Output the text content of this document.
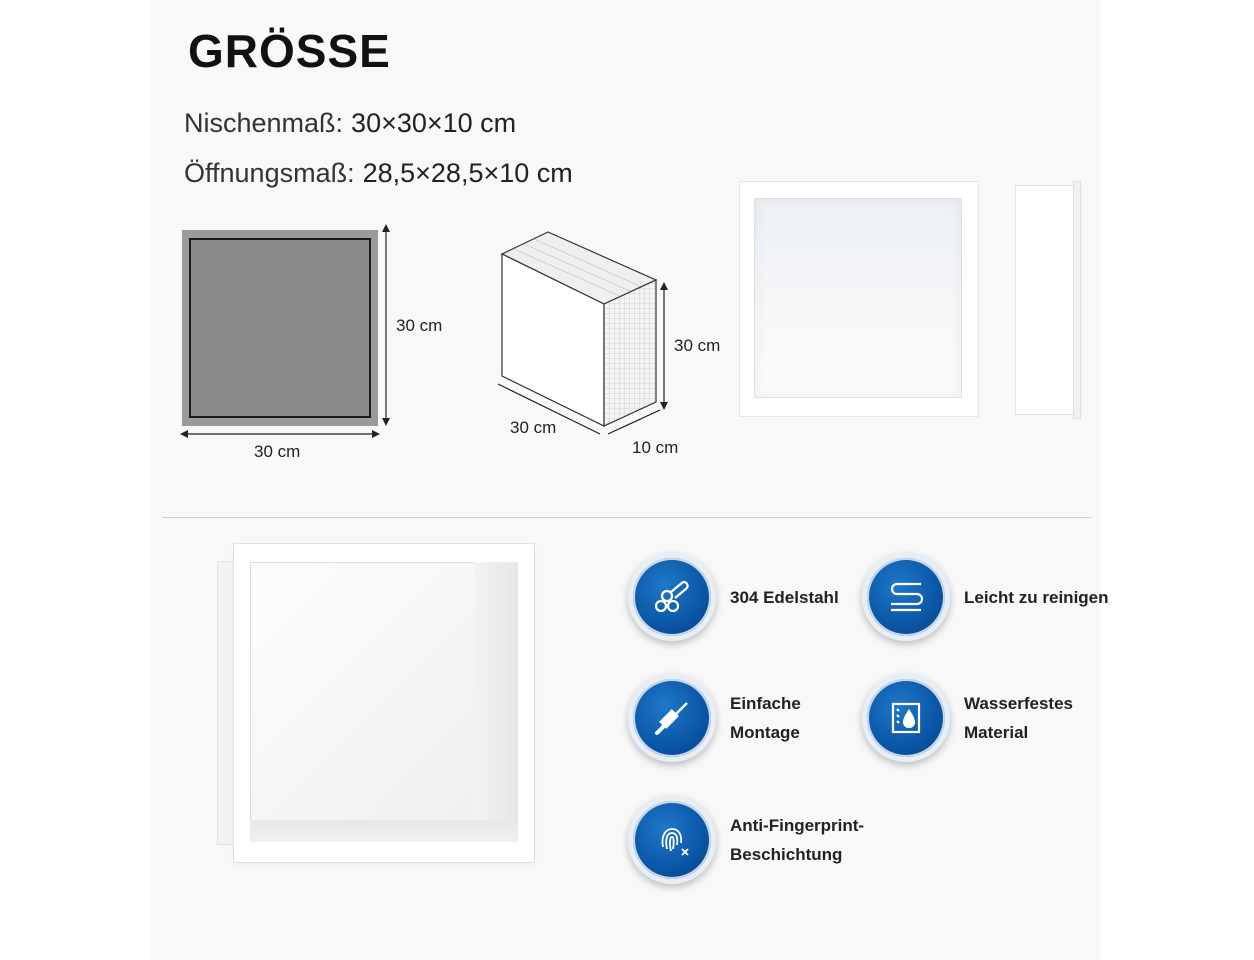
GRÖSSE
Nischenmaß: 30×30×10 cm
Öffnungsmaß: 28,5×28,5×10 cm
30 cm
30 cm
30 cm
30 cm
10 cm
304 Edelstahl	Leicht zu reinigen
Einfache
Montage
Wasserfestes
Material
Anti-Fingerprint-
Beschichtung
